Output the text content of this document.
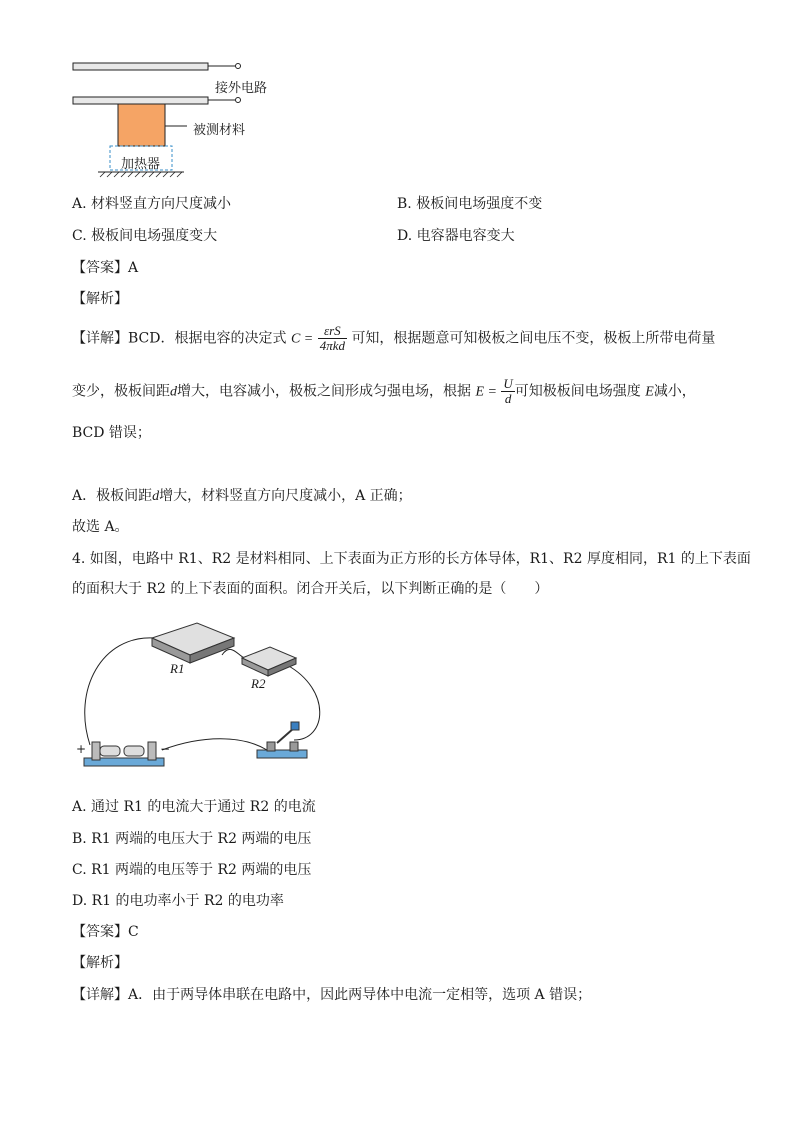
接外电路
被测材料
加热器
A. 材料竖直方向尺度减小	B. 极板间电场强度不变
C. 极板间电场强度变大	D. 电容器电容变大
【答案】A
【解析】
【详解】BCD．根据电容的决定式 $C = \frac{\text{εrS}}{\text{4πkd}}$ 可知，根据题意可知极板之间电压不变，极板上所带电荷量
变少，极板间距d增大，电容减小，极板之间形成匀强电场，根据 $E = \frac{U}{d}$ 可知极板间电场强度 E减小，
BCD 错误；
A．极板间距d增大，材料竖直方向尺度减小，A 正确；
故选 A。
4. 如图，电路中 R1、R2 是材料相同、上下表面为正方形的长方体导体，R1、R2 厚度相同，R1 的上下表面
的面积大于 R2 的上下表面的面积。闭合开关后，以下判断正确的是（　　）
R1
R2
+	−
A. 通过 R1 的电流大于通过 R2 的电流
B. R1 两端的电压大于 R2 两端的电压
C. R1 两端的电压等于 R2 两端的电压
D. R1 的电功率小于 R2 的电功率
【答案】C
【解析】
【详解】A．由于两导体串联在电路中，因此两导体中电流一定相等，选项 A 错误；
